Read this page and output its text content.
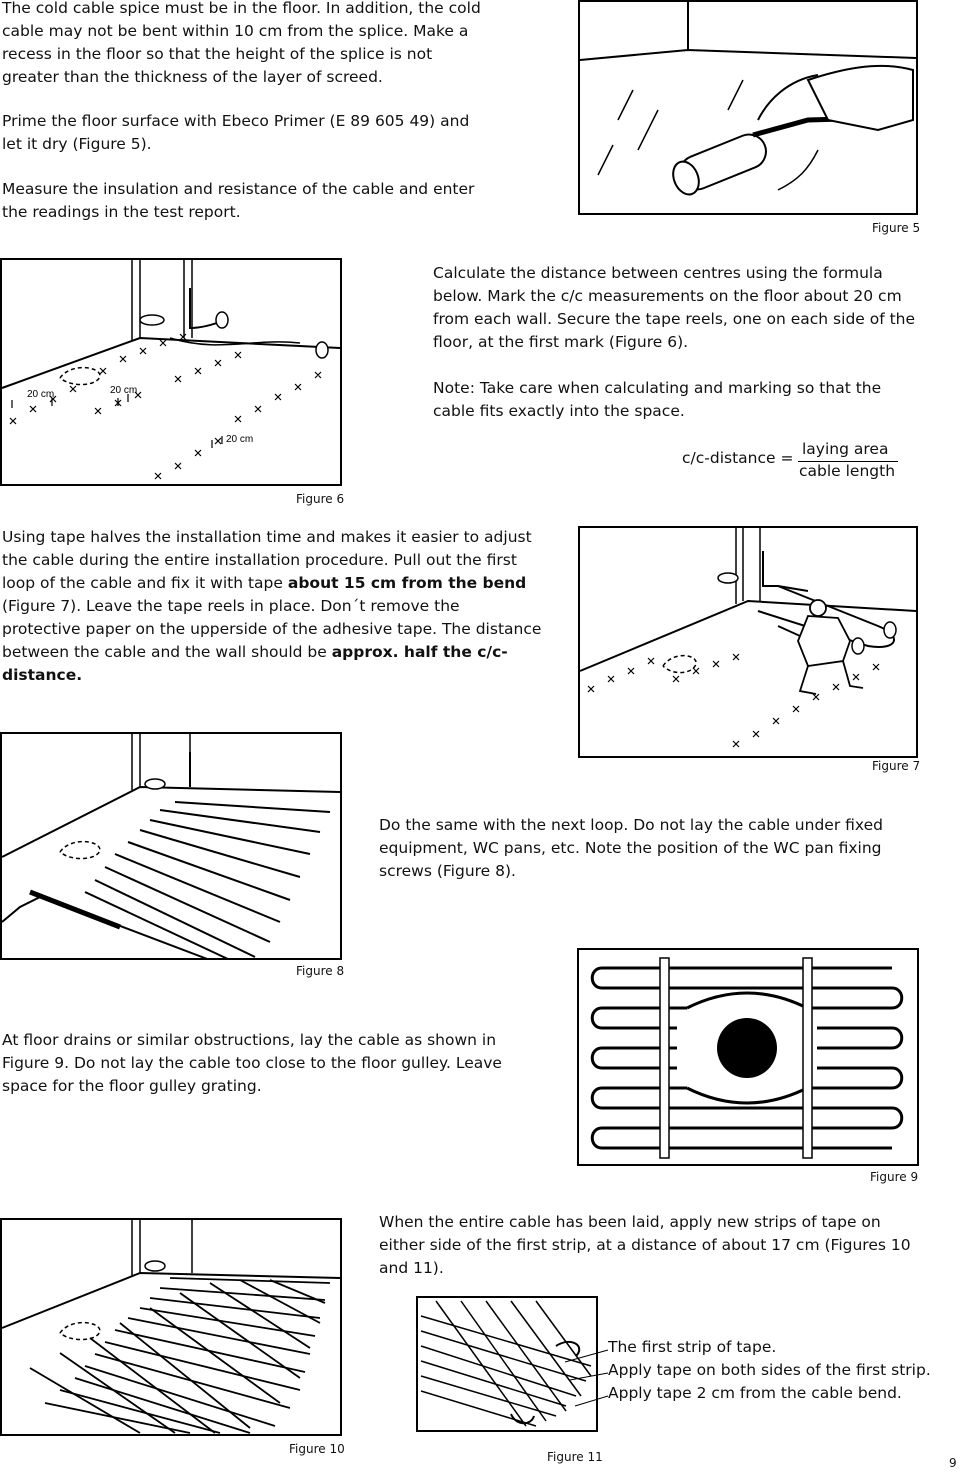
The cold cable spice must be in the floor. In addition, the cold cable may not be bent within 10 cm from the splice. Make a recess in the floor so that the height of the splice is not greater than the thickness of the layer of screed.

Prime the floor surface with Ebeco Primer (E 89 605 49) and let it dry (Figure 5).

Measure the insulation and resistance of the cable and enter the readings in the test report.

Figure 5
20 cm	20 cm
20 cm
Figure 6

Calculate the distance between centres using the formula below. Mark the c/c measurements on the floor about 20 cm from each wall. Secure the tape reels, one on each side of the floor, at the first mark (Figure 6).

Note: Take care when calculating and marking so that the cable fits exactly into the space.

c/c-distance = laying area
cable length

Using tape halves the installation time and makes it easier to adjust the cable during the entire installation procedure. Pull out the first loop of the cable and fix it with tape about 15 cm from the bend (Figure 7). Leave the tape reels in place. Don´t remove the protective paper on the upperside of the adhesive tape. The distance between the cable and the wall should be approx. half the c/c-distance.

Figure 7
Figure 8

Do the same with the next loop. Do not lay the cable under fixed equipment, WC pans, etc. Note the position of the WC pan fixing screws (Figure 8).

Figure 9

At floor drains or similar obstructions, lay the cable as shown in Figure 9. Do not lay the cable too close to the floor gulley. Leave space for the floor gulley grating.

When the entire cable has been laid, apply new strips of tape on either side of the first strip, at a distance of about 17 cm (Figures 10 and 11).

Figure 10
Figure 11
The first strip of tape.
Apply tape on both sides of the first strip.
Apply tape 2 cm from the cable bend.
9
